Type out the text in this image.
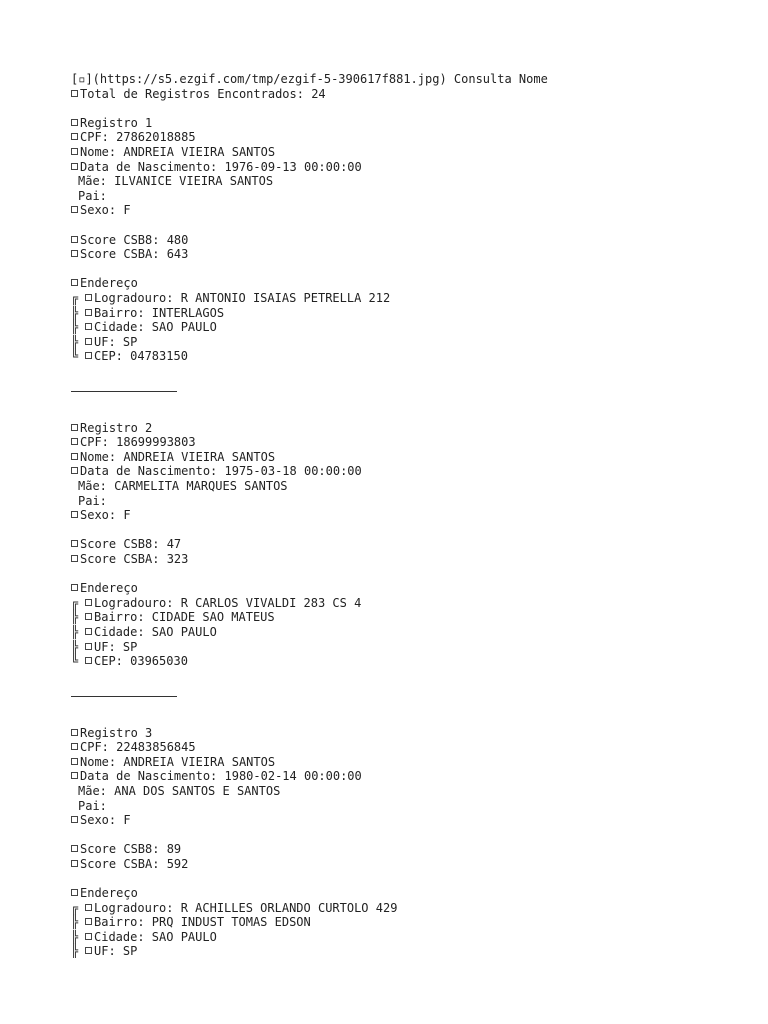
[▫](https://s5.ezgif.com/tmp/ezgif-5-390617f881.jpg) Consulta Nome
Total de Registros Encontrados: 24
Registro 1
CPF: 27862018885
Nome: ANDREIA VIEIRA SANTOS
Data de Nascimento: 1976-09-13 00:00:00
Mãe: ILVANICE VIEIRA SANTOS
Pai:
Sexo: F
Score CSB8: 480
Score CSBA: 643
Endereço
╔ Logradouro: R ANTONIO ISAIAS PETRELLA 212
╠ Bairro: INTERLAGOS
╠ Cidade: SAO PAULO
╠ UF: SP
╚ CEP: 04783150
Registro 2
CPF: 18699993803
Nome: ANDREIA VIEIRA SANTOS
Data de Nascimento: 1975-03-18 00:00:00
Mãe: CARMELITA MARQUES SANTOS
Pai:
Sexo: F
Score CSB8: 47
Score CSBA: 323
Endereço
╔ Logradouro: R CARLOS VIVALDI 283 CS 4
╠ Bairro: CIDADE SAO MATEUS
╠ Cidade: SAO PAULO
╠ UF: SP
╚ CEP: 03965030
Registro 3
CPF: 22483856845
Nome: ANDREIA VIEIRA SANTOS
Data de Nascimento: 1980-02-14 00:00:00
Mãe: ANA DOS SANTOS E SANTOS
Pai:
Sexo: F
Score CSB8: 89
Score CSBA: 592
Endereço
╔ Logradouro: R ACHILLES ORLANDO CURTOLO 429
╠ Bairro: PRQ INDUST TOMAS EDSON
╠ Cidade: SAO PAULO
╠ UF: SP
